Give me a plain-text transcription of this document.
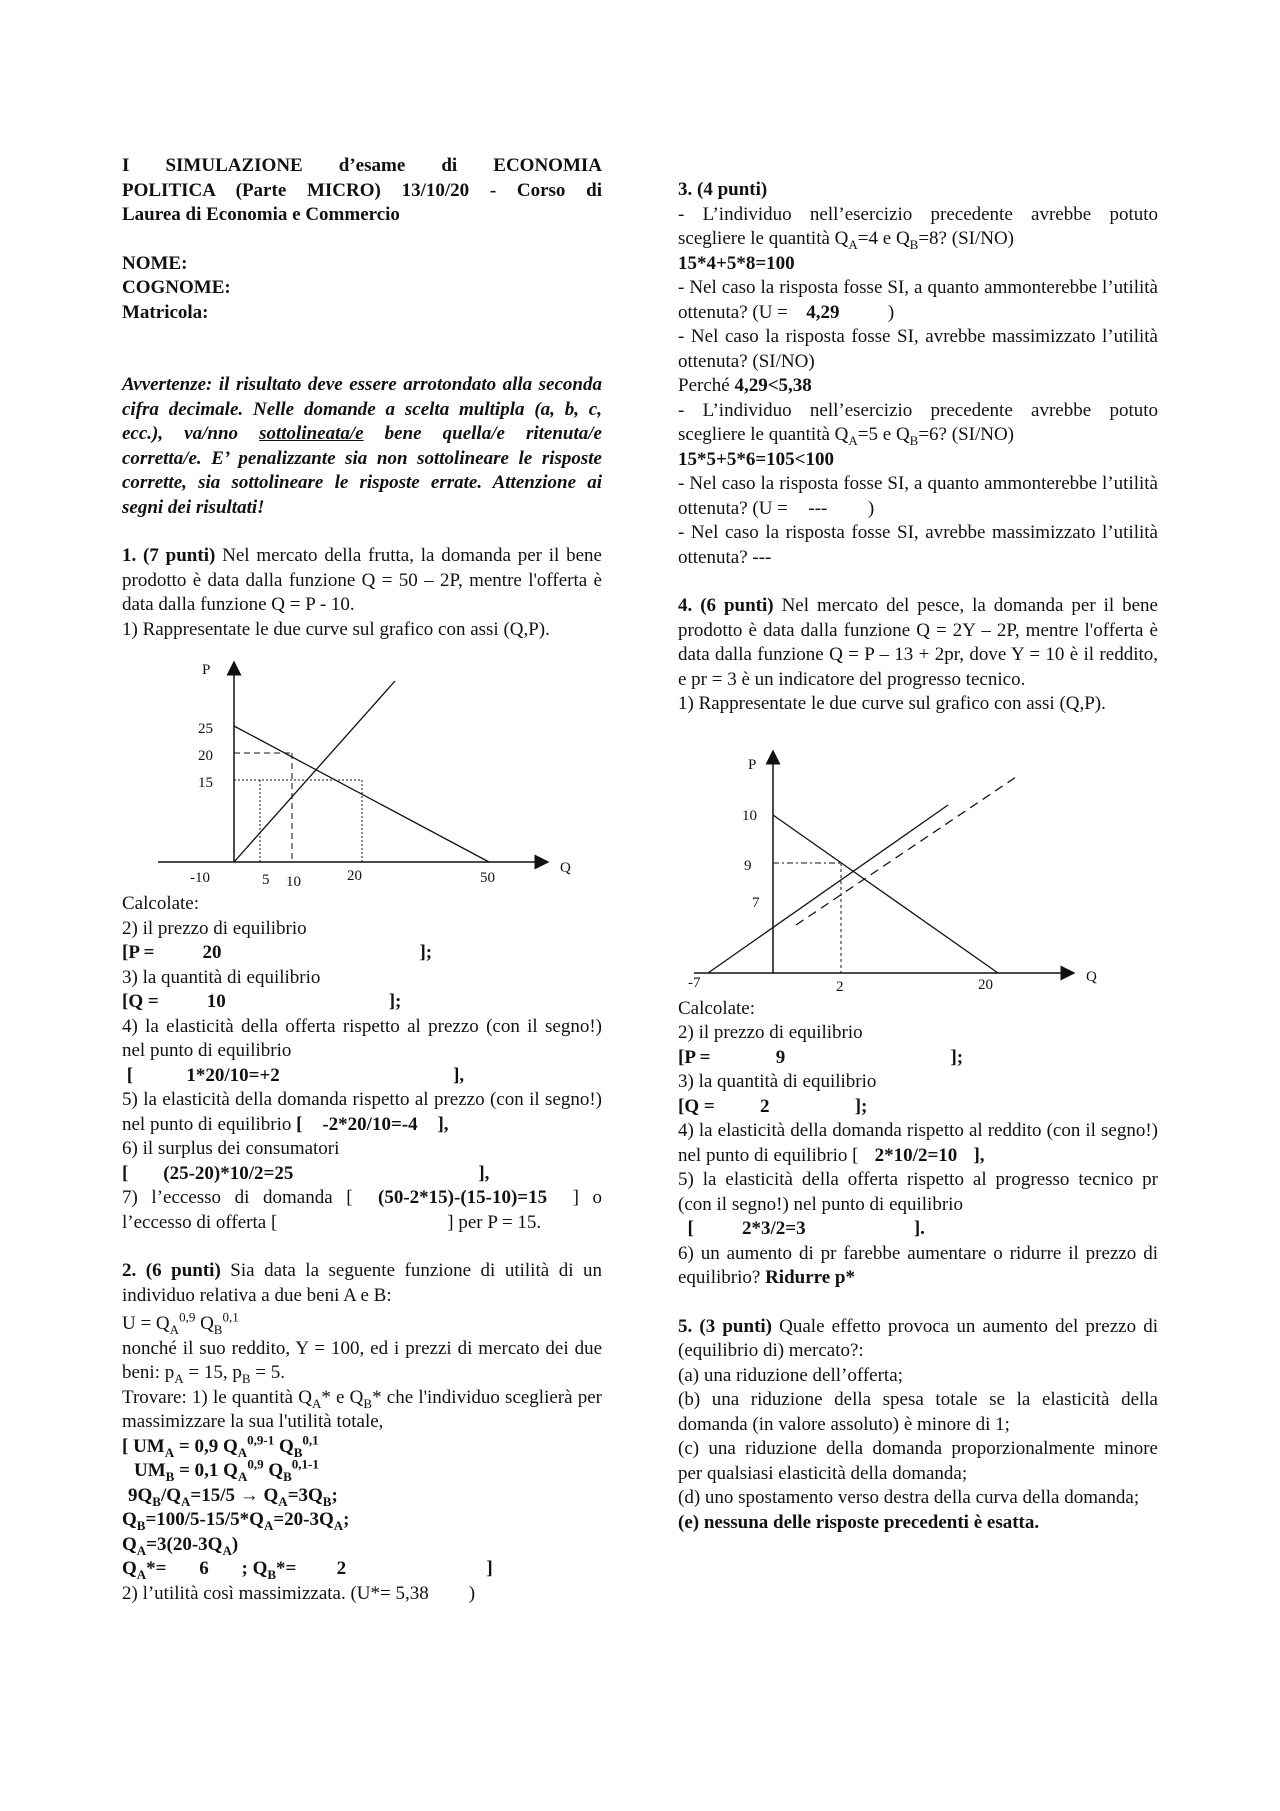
I SIMULAZIONE d’esame di ECONOMIA

POLITICA (Parte MICRO) 13/10/20 - Corso di

Laurea di Economia e Commercio

NOME:

COGNOME:

Matricola:

Avvertenze: il risultato deve essere arrotondato alla seconda cifra decimale. Nelle domande a scelta multipla (a, b, c, ecc.), va/nno sottolineata/e bene quella/e ritenuta/e corretta/e. E’ penalizzante sia non sottolineare le risposte corrette, sia sottolineare le risposte errate. Attenzione ai segni dei risultati!

1. (7 punti) Nel mercato della frutta, la domanda per il bene prodotto è data dalla funzione Q = 50 – 2P, mentre l'offerta è data dalla funzione Q = P - 10.

1) Rappresentate le due curve sul grafico con assi (Q,P).

P
Q
25
20
15
-10	5 10	20	50

Calcolate:

2) il prezzo di equilibrio

[P =	20	];

3) la quantità di equilibrio

[Q =	10	];

4) la elasticità della offerta rispetto al prezzo (con il segno!) nel punto di equilibrio

[	1*20/10=+2	],

5) la elasticità della domanda rispetto al prezzo (con il segno!) nel punto di equilibrio [ -2*20/10=-4 ],

6) il surplus dei consumatori

[ (25-20)*10/2=25	],

7) l’eccesso di domanda [ (50-2*15)-(15-10)=15 ] o l’eccesso di offerta [	] per P = 15.

2. (6 punti) Sia data la seguente funzione di utilità di un individuo relativa a due beni A e B:

$U = Q_A^{0,9}$ $Q_B^{0,1}$

nonché il suo reddito, Y = 100, ed i prezzi di mercato dei due beni: $p_A = 15$, $p_B = 5$.

Trovare: 1) le quantità $Q_A*$ e $Q_B*$ che l'individuo sceglierà per massimizzare la sua l'utilità totale,

[ $UM_A = 0,9$ $Q_A^{0,9-1}$ $Q_B^{0,1}$

$UM_B = 0,1$ $Q_A^{0,9}$ $Q_B^{0,1-1}$

$9Q_B/Q_A=15/5 \to Q_A=3Q_B$;

$Q_B=100/5-15/5*Q_A=20-3Q_A$;

$Q_A=3(20-3Q_A)$

$Q_A*= 6$ ; $Q_B*= 2$	]

2) l’utilità così massimizzata. (U*= 5,38 )

3. (4 punti)

- L’individuo nell’esercizio precedente avrebbe potuto scegliere le quantità $Q_A=4$ e $Q_B=8$? (SI/NO)

15*4+5*8=100

- Nel caso la risposta fosse SI, a quanto ammonterebbe l’utilità ottenuta? (U = 4,29	)

- Nel caso la risposta fosse SI, avrebbe massimizzato l’utilità ottenuta? (SI/NO)

Perché 4,29<5,38

- L’individuo nell’esercizio precedente avrebbe potuto scegliere le quantità $Q_A=5$ e $Q_B=6$? (SI/NO)

15*5+5*6=105<100

- Nel caso la risposta fosse SI, a quanto ammonterebbe l’utilità ottenuta? (U = --- )

- Nel caso la risposta fosse SI, avrebbe massimizzato l’utilità ottenuta? ---

4. (6 punti) Nel mercato del pesce, la domanda per il bene prodotto è data dalla funzione Q = 2Y – 2P, mentre l'offerta è data dalla funzione Q = P – 13 + 2pr, dove Y = 10 è il reddito, e pr = 3 è un indicatore del progresso tecnico.

1) Rappresentate le due curve sul grafico con assi (Q,P).

P
Q
10
9
7
-7	2	20

Calcolate:

2) il prezzo di equilibrio

[P =	9	];

3) la quantità di equilibrio

[Q = 2	];

4) la elasticità della domanda rispetto al reddito (con il segno!) nel punto di equilibrio [ 2*10/2=10 ],

5) la elasticità della offerta rispetto al progresso tecnico pr (con il segno!) nel punto di equilibrio

[	2*3/2=3	].

6) un aumento di pr farebbe aumentare o ridurre il prezzo di equilibrio? Ridurre p*

5. (3 punti) Quale effetto provoca un aumento del prezzo di (equilibrio di) mercato?:

(a) una riduzione dell’offerta;

(b) una riduzione della spesa totale se la elasticità della domanda (in valore assoluto) è minore di 1;

(c) una riduzione della domanda proporzionalmente minore per qualsiasi elasticità della domanda;

(d) uno spostamento verso destra della curva della domanda;

(e) nessuna delle risposte precedenti è esatta.
